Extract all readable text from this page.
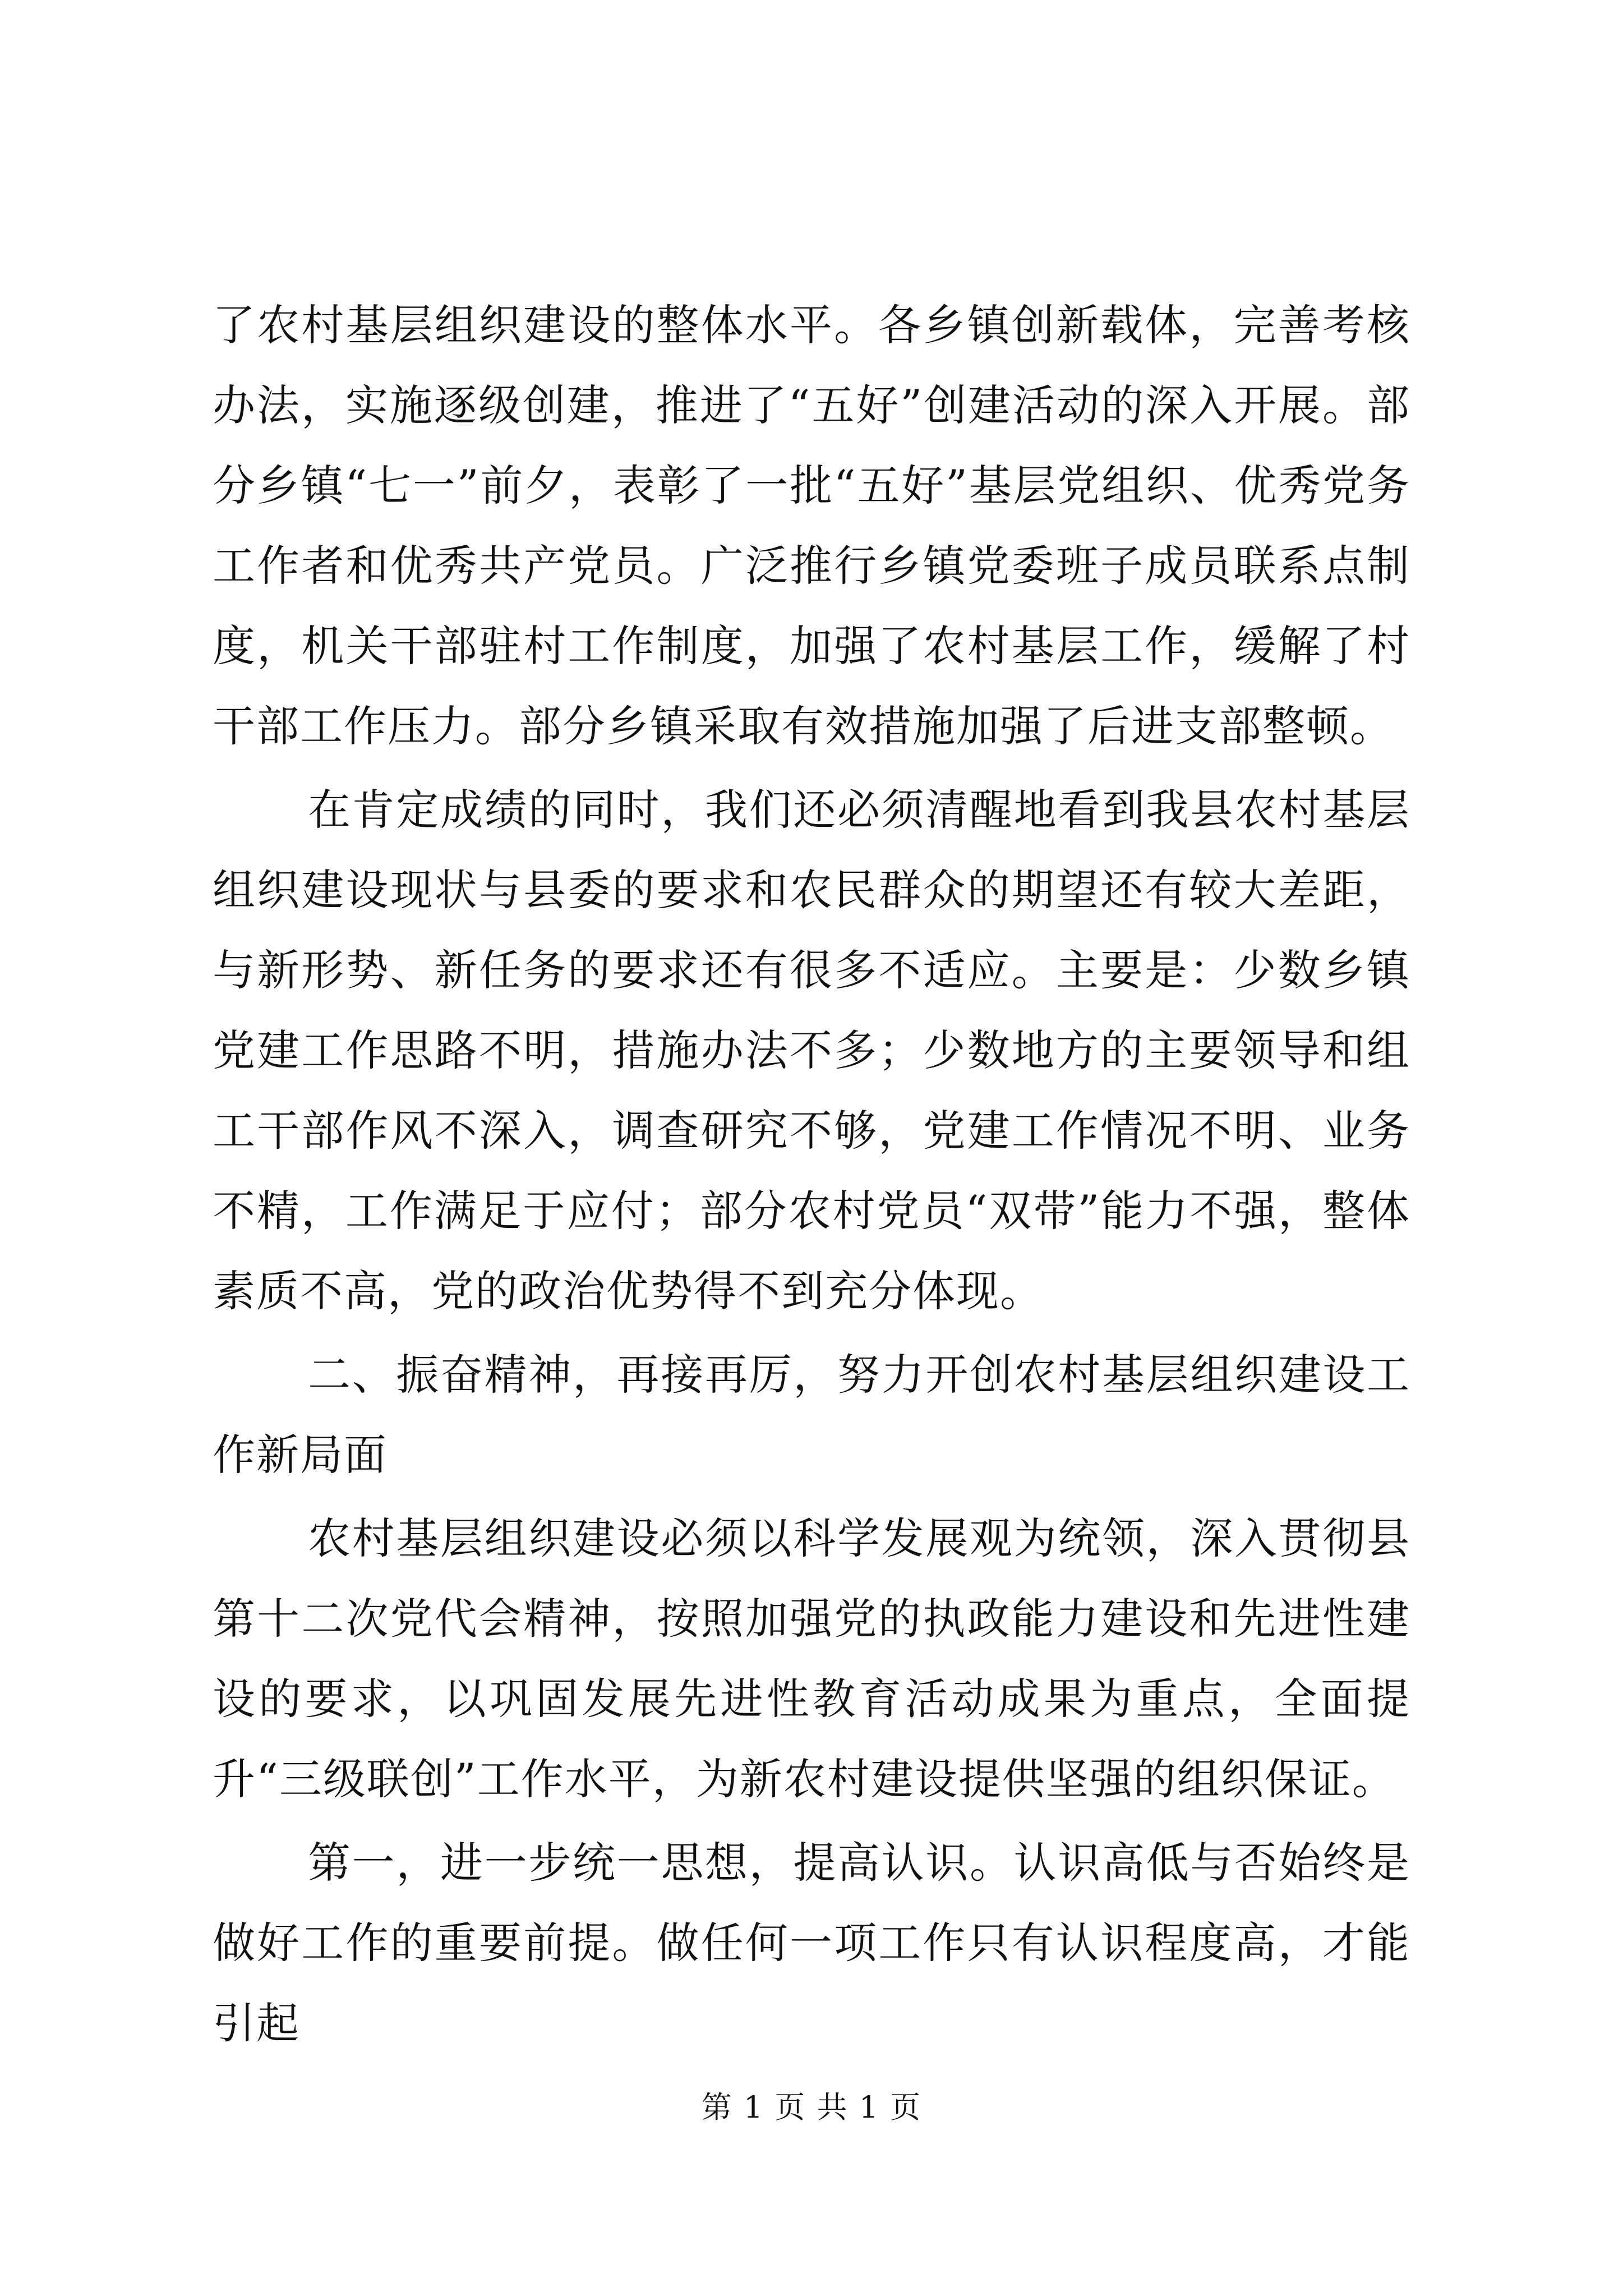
了农村基层组织建设的整体水平。各乡镇创新载体，完善考核办法，实施逐级创建，推进了“五好”创建活动的深入开展。部分乡镇“七一”前夕，表彰了一批“五好”基层党组织、优秀党务工作者和优秀共产党员。广泛推行乡镇党委班子成员联系点制度，机关干部驻村工作制度，加强了农村基层工作，缓解了村干部工作压力。部分乡镇采取有效措施加强了后进支部整顿。

在肯定成绩的同时，我们还必须清醒地看到我县农村基层组织建设现状与县委的要求和农民群众的期望还有较大差距，与新形势、新任务的要求还有很多不适应。主要是：少数乡镇党建工作思路不明，措施办法不多；少数地方的主要领导和组工干部作风不深入，调查研究不够，党建工作情况不明、业务不精，工作满足于应付；部分农村党员“双带”能力不强，整体素质不高，党的政治优势得不到充分体现。

二、振奋精神，再接再厉，努力开创农村基层组织建设工作新局面

农村基层组织建设必须以科学发展观为统领，深入贯彻县第十二次党代会精神，按照加强党的执政能力建设和先进性建设的要求，以巩固发展先进性教育活动成果为重点，全面提升“三级联创”工作水平，为新农村建设提供坚强的组织保证。

第一，进一步统一思想，提高认识。认识高低与否始终是做好工作的重要前提。做任何一项工作只有认识程度高，才能引起

第 1 页 共 1 页
